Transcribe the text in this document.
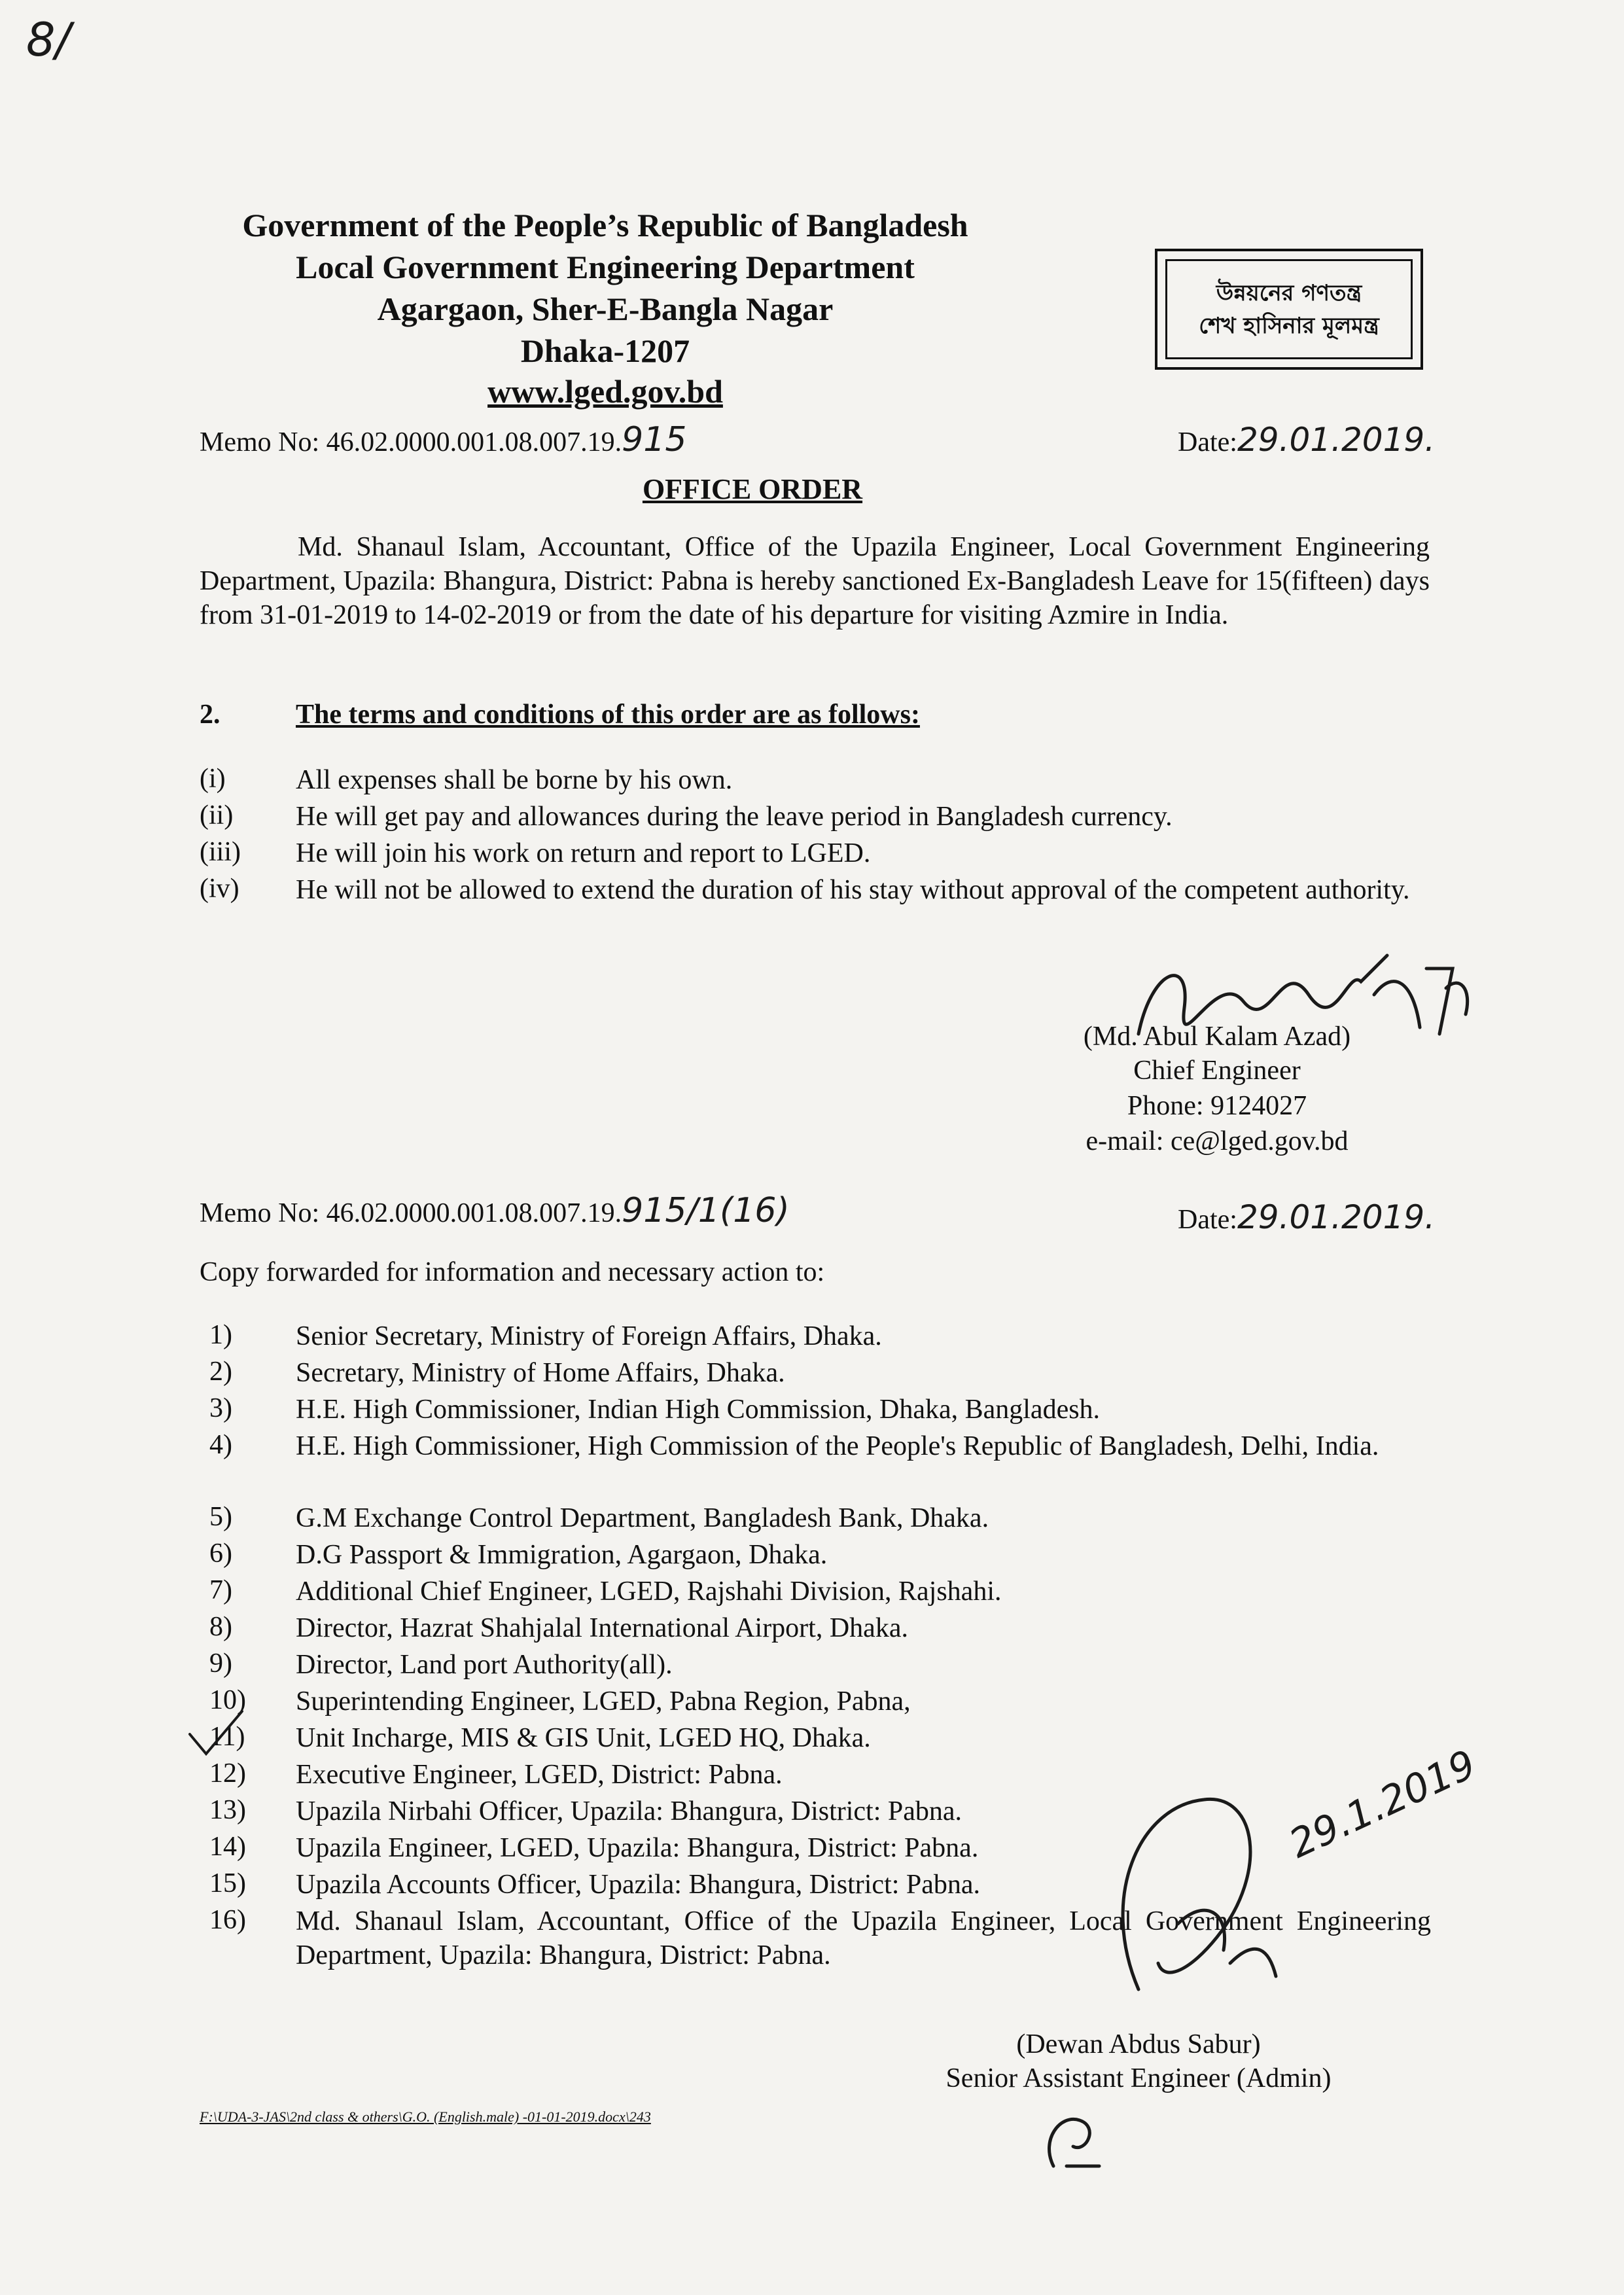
8/
Government of the People’s Republic of Bangladesh
Local Government Engineering Department
Agargaon, Sher-E-Bangla Nagar
Dhaka-1207
www.lged.gov.bd
উন্নয়নের গণতন্ত্র
শেখ হাসিনার মূলমন্ত্র
Memo No: 46.02.0000.001.08.007.19.915	Date:29.01.2019.
OFFICE ORDER
Md. Shanaul Islam, Accountant, Office of the Upazila Engineer, Local Government Engineering Department, Upazila: Bhangura, District: Pabna is hereby sanctioned Ex-Bangladesh Leave for 15(fifteen) days from 31-01-2019 to 14-02-2019 or from the date of his departure for visiting Azmire in India.
2.	The terms and conditions of this order are as follows:
(i)	All expenses shall be borne by his own.
(ii) He will get pay and allowances during the leave period in Bangladesh currency.
(iii) He will join his work on return and report to LGED.
(iv) He will not be allowed to extend the duration of his stay without approval of the competent authority.
(Md. Abul Kalam Azad)
Chief Engineer
Phone: 9124027
e-mail: ce@lged.gov.bd
Memo No: 46.02.0000.001.08.007.19.915/1(16)	Date:29.01.2019.
Copy forwarded for information and necessary action to:
1) Senior Secretary, Ministry of Foreign Affairs, Dhaka.
2) Secretary, Ministry of Home Affairs, Dhaka.
3) H.E. High Commissioner, Indian High Commission, Dhaka, Bangladesh.
4) H.E. High Commissioner, High Commission of the People's Republic of Bangladesh, Delhi, India.
5) G.M Exchange Control Department, Bangladesh Bank, Dhaka.
6) D.G Passport & Immigration, Agargaon, Dhaka.
7) Additional Chief Engineer, LGED, Rajshahi Division, Rajshahi.
8) Director, Hazrat Shahjalal International Airport, Dhaka.
9) Director, Land port Authority(all).
10) Superintending Engineer, LGED, Pabna Region, Pabna,
11) Unit Incharge, MIS & GIS Unit, LGED HQ, Dhaka.
12) Executive Engineer, LGED, District: Pabna.
13) Upazila Nirbahi Officer, Upazila: Bhangura, District: Pabna.
14) Upazila Engineer, LGED, Upazila: Bhangura, District: Pabna.
15) Upazila Accounts Officer, Upazila: Bhangura, District: Pabna.
16) Md. Shanaul Islam, Accountant, Office of the Upazila Engineer, Local Government Engineering Department, Upazila: Bhangura, District: Pabna.
29.1.2019
(Dewan Abdus Sabur)
Senior Assistant Engineer (Admin)
F:\UDA-3-JAS\2nd class & others\G.O. (English.male) -01-01-2019.docx\243
